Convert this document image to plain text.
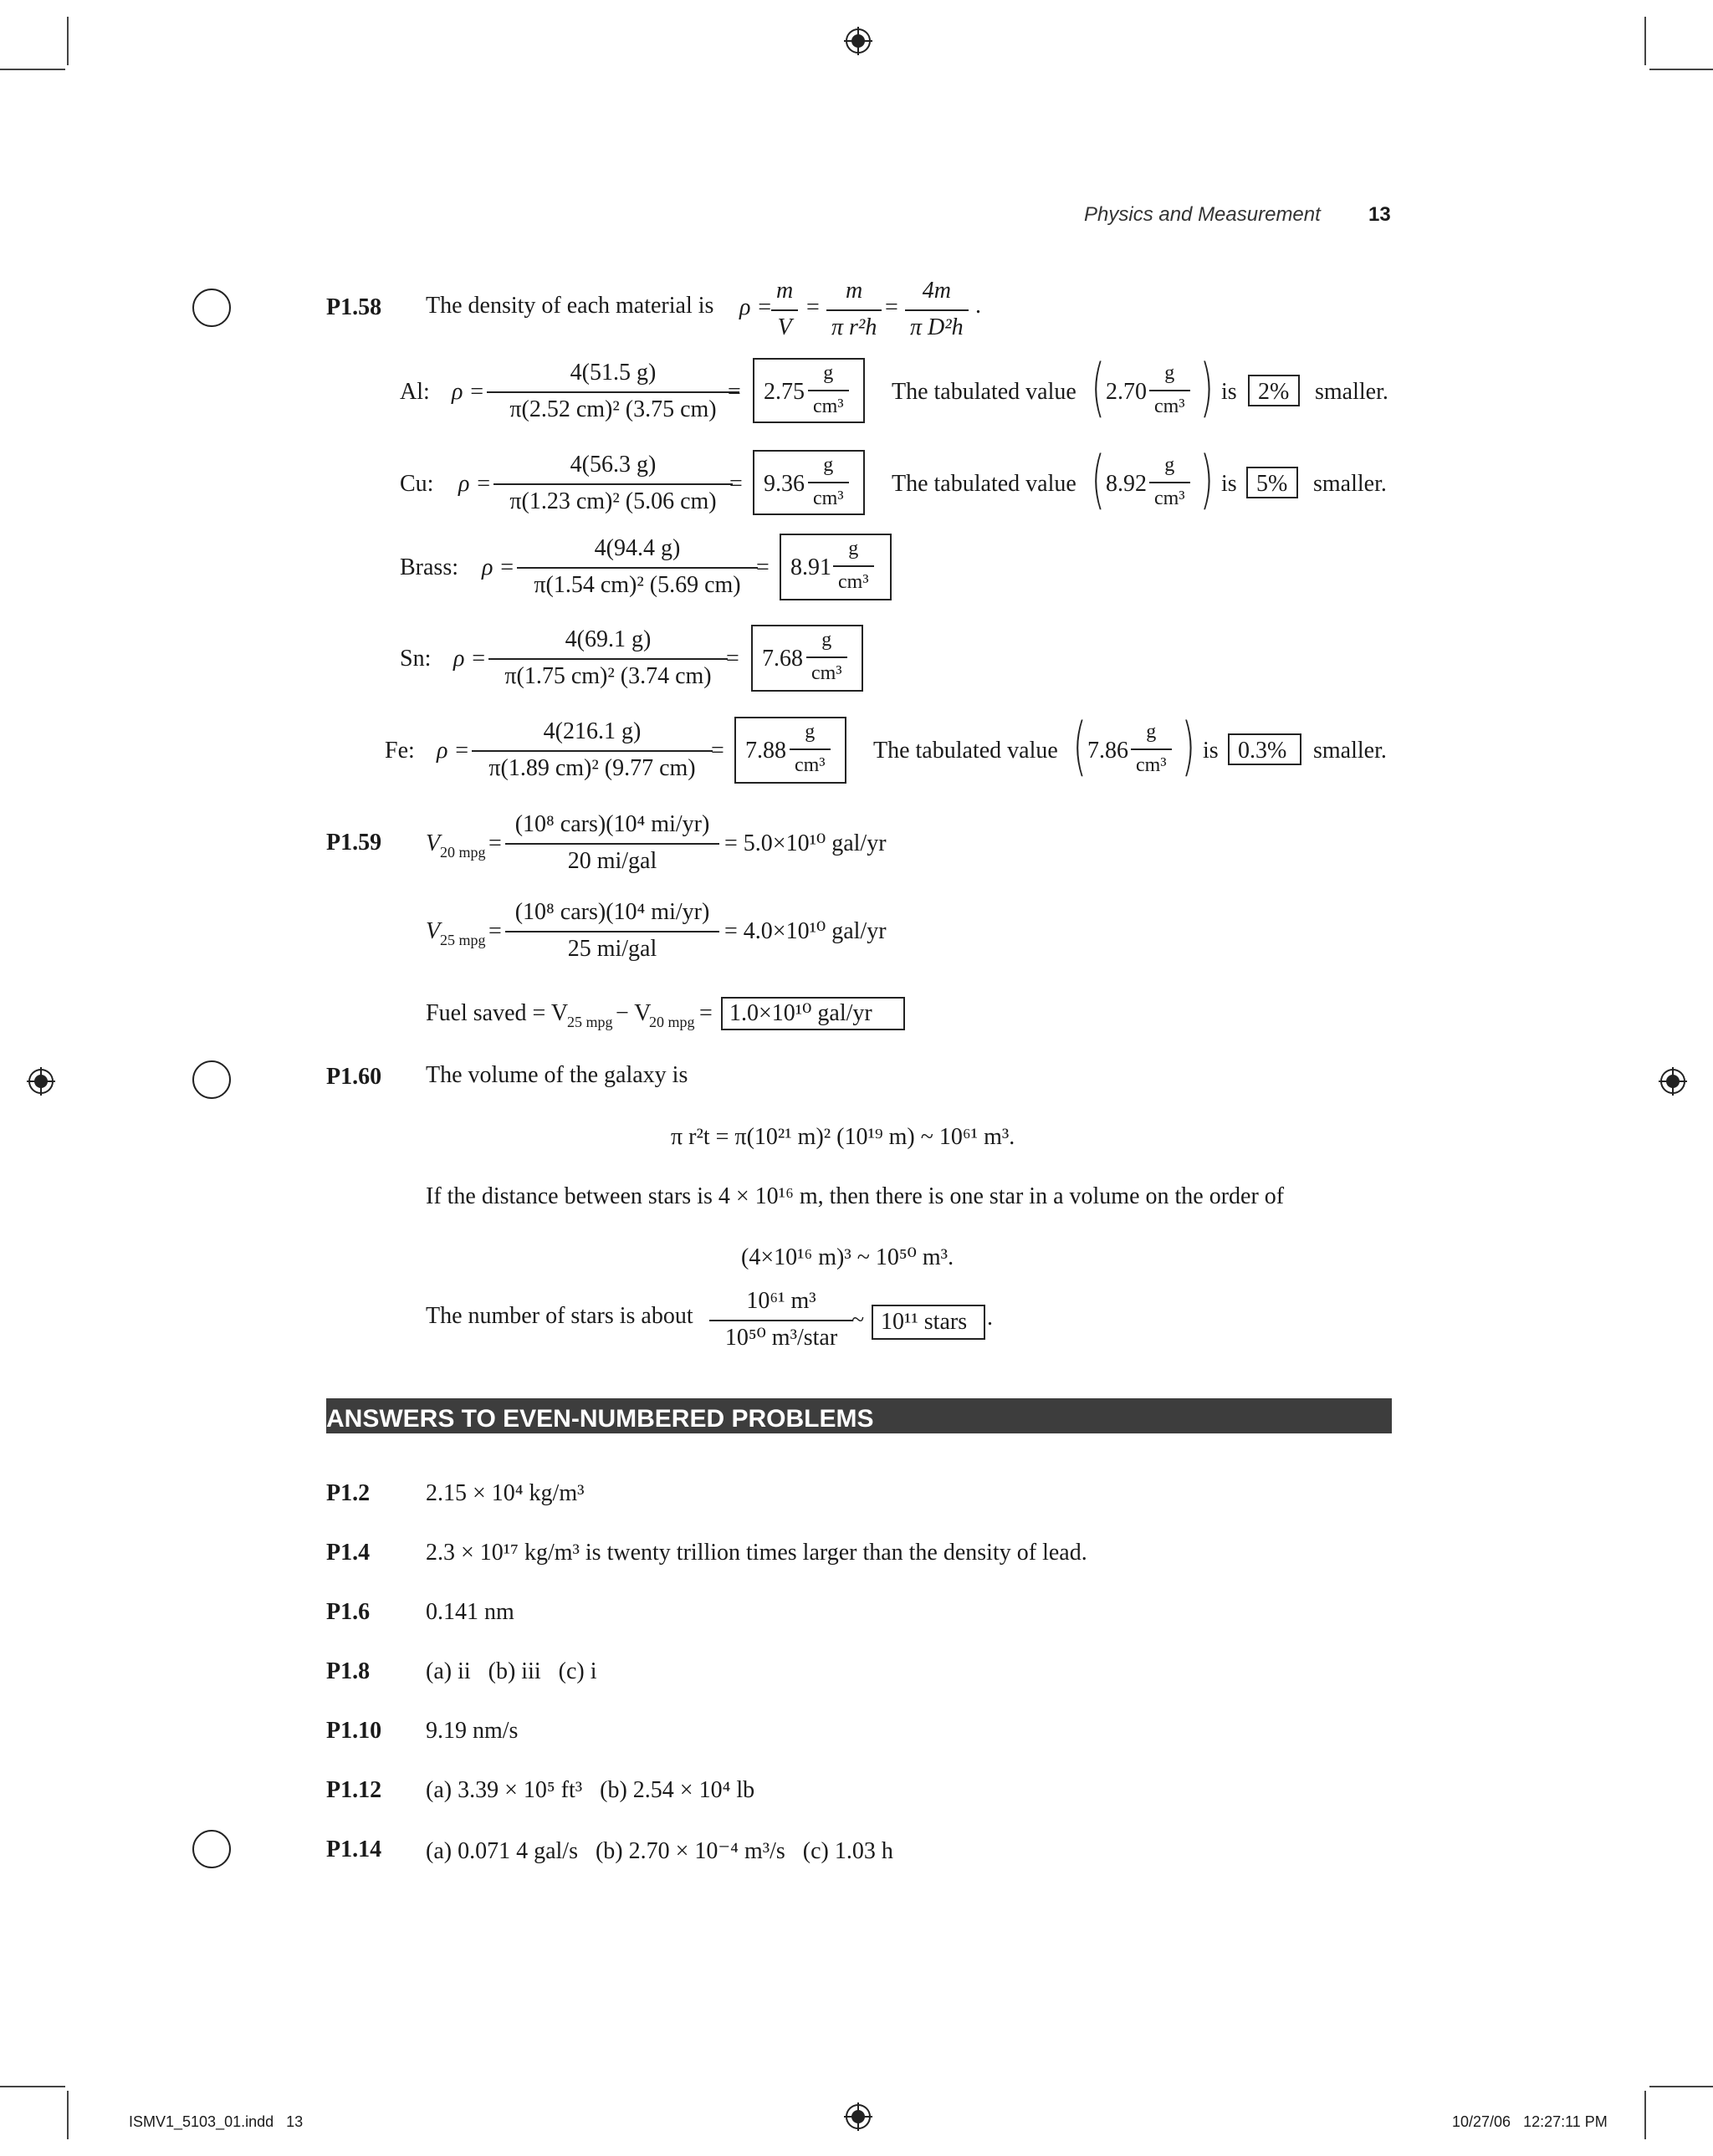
Physics and Measurement 13
P1.58 The density of each material is ρ =
$\frac{m}{V} = \frac{m}{\text{π r²h}} = \frac{4m}{\text{π D²h}}$ .
Al: $\rho = \frac{4(51.5 g)}{\text{π(2.52 cm)² (3.75 cm)}}$
= $2.75 \frac{g}{\text{cm³}}$ The tabulated value ( $2.70 \frac{g}{\text{cm³}}$ ) is 2% smaller.
Cu: $\rho = \frac{4(56.3 g)}{\text{π(1.23 cm)² (5.06 cm)}}$
= $9.36 \frac{g}{\text{cm³}}$ The tabulated value ( $8.92 \frac{g}{\text{cm³}}$ ) is 5% smaller.
Brass: $\rho = \frac{4(94.4 g)}{\text{π(1.54 cm)² (5.69 cm)}}$
= $8.91 \frac{g}{\text{cm³}}$
Sn: $\rho = \frac{4(69.1 g)}{\text{π(1.75 cm)² (3.74 cm)}}$
= $7.68 \frac{g}{\text{cm³}}$
Fe: $\rho = \frac{4(216.1 g)}{\text{π(1.89 cm)² (9.77 cm)}}$
= $7.88 \frac{g}{\text{cm³}}$ The tabulated value ( $7.86 \frac{g}{\text{cm³}}$ ) is 0.3% smaller.
P1.59 V 20 mpg =
(10⁸ cars)(10⁴ mi/yr)
20 mi/gal
= 5.0×10¹⁰ gal/yr
V 25 mpg =
(10⁸ cars)(10⁴ mi/yr)
25 mi/gal
= 4.0×10¹⁰ gal/yr
Fuel saved = V
25 mpg − V
20 mpg = 1.0×10¹⁰ gal/yr
P1.60 The volume of the galaxy is
π r²t = π(10²¹ m)² (10¹⁹ m) ~ 10⁶¹ m³.
If the distance between stars is 4 × 10¹⁶ m, then there is one star in a volume on the order of
(4×10¹⁶ m)³ ~ 10⁵⁰ m³.
The number of stars is about
10⁶¹ m³
10⁵⁰ m³/star
~ 10¹¹ stars .
ANSWERS TO EVEN-NUMBERED PROBLEMS
P1.2 2.15 × 10⁴ kg/m³
P1.4 2.3 × 10¹⁷ kg/m³ is twenty trillion times larger than the density of lead.
P1.6 0.141 nm
P1.8 (a) ii   (b) iii   (c) i
P1.10 9.19 nm/s
P1.12 (a) 3.39 × 10⁵ ft³   (b) 2.54 × 10⁴ lb
P1.14 (a) 0.071 4 gal/s   (b) 2.70 × 10⁻⁴ m³/s   (c) 1.03 h
ISMV1_5103_01.indd   13	10/27/06   12:27:11 PM
